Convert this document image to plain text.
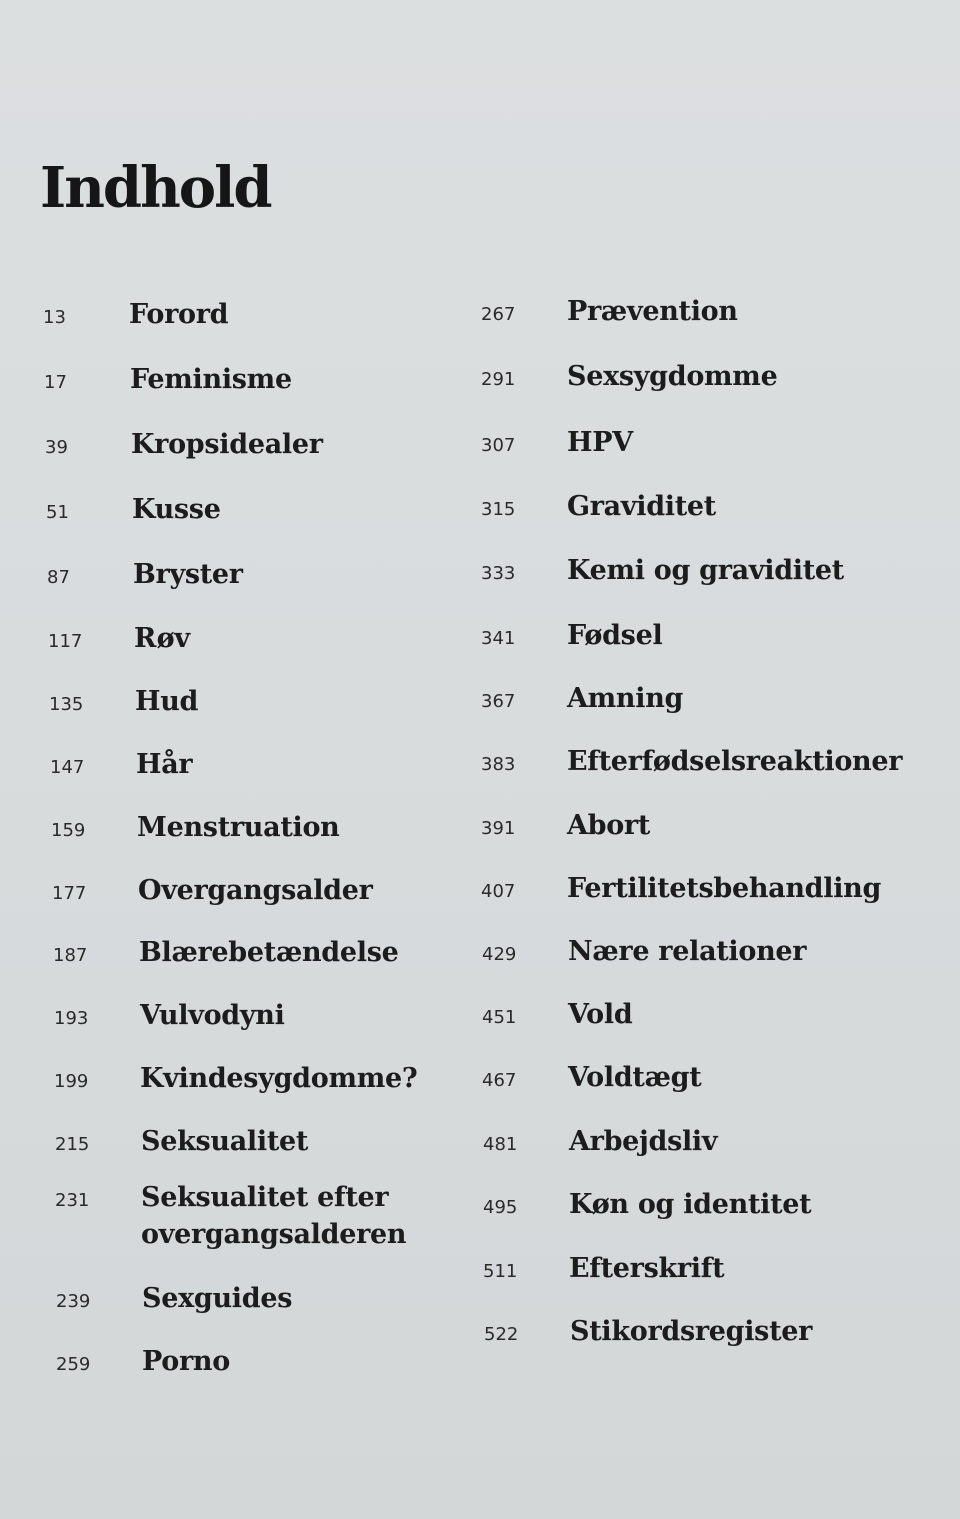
Indhold
13	Forord
17	Feminisme
39	Kropsidealer
51	Kusse
87	Bryster
117	Røv
135	Hud
147	Hår
159	Menstruation
177	Overgangsalder
187	Blærebetændelse
193	Vulvodyni
199	Kvindesygdomme?
215	Seksualitet
231	Seksualitet efter overgangsalderen
239	Sexguides
259	Porno
267	Prævention
291	Sexsygdomme
307	HPV
315	Graviditet
333	Kemi og graviditet
341	Fødsel
367	Amning
383	Efterfødselsreaktioner
391	Abort
407	Fertilitetsbehandling
429	Nære relationer
451	Vold
467	Voldtægt
481	Arbejdsliv
495	Køn og identitet
511	Efterskrift
522	Stikordsregister
